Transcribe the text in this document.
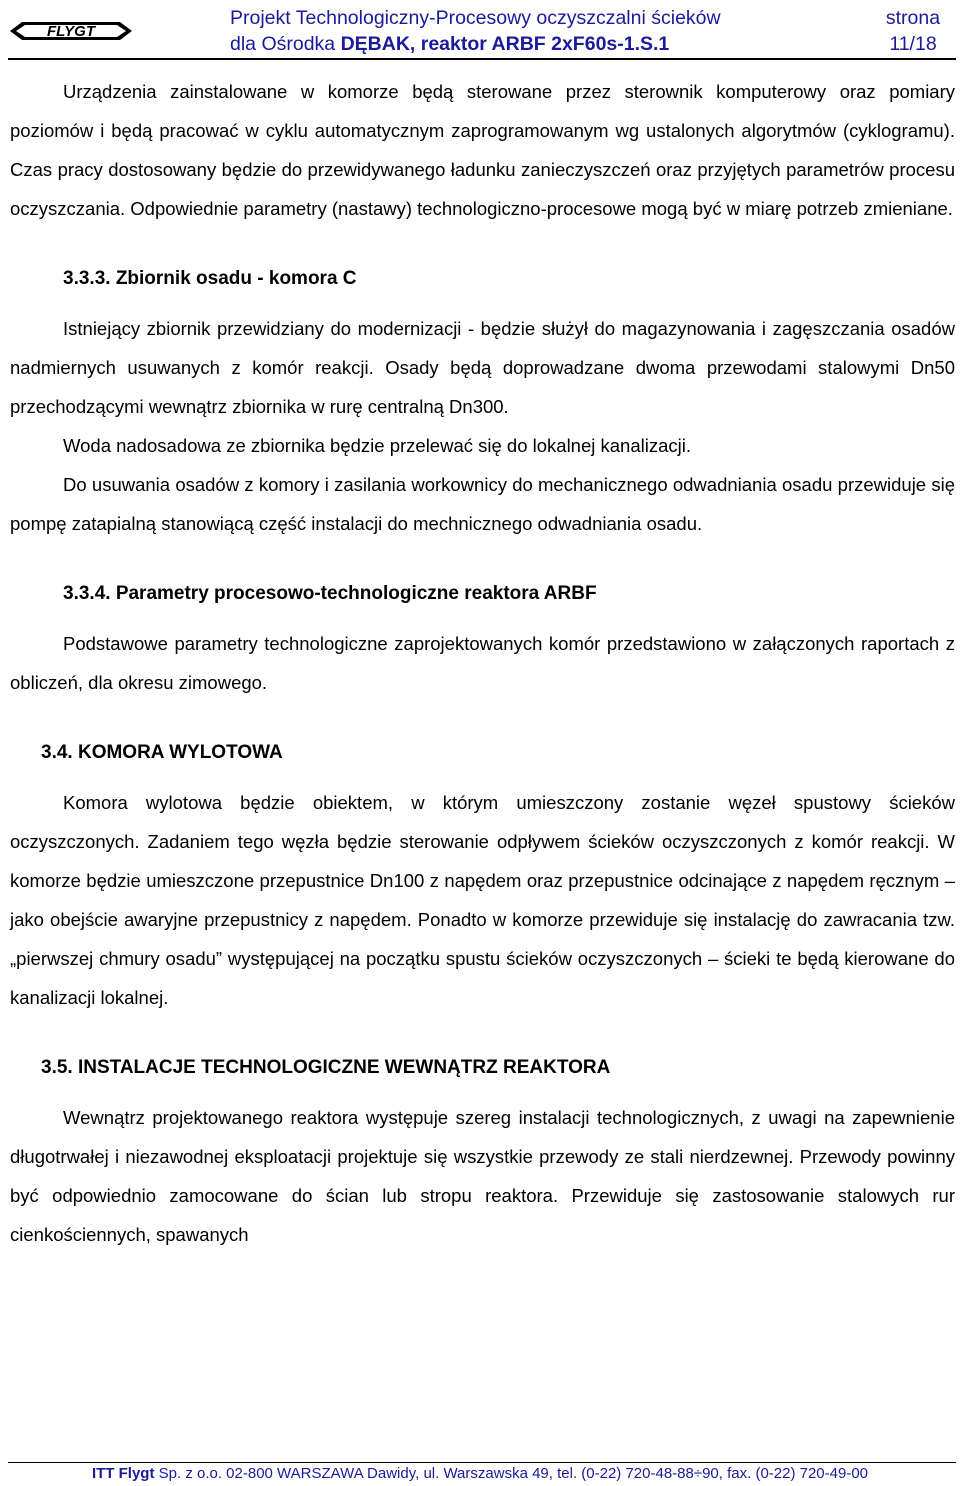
FLYGT
Projekt Technologiczny-Procesowy oczyszczalni ścieków
dla Ośrodka DĘBAK, reaktor ARBF 2xF60s-1.S.1
strona
11/18

Urządzenia zainstalowane w komorze będą sterowane przez sterownik komputerowy oraz pomiary poziomów i będą pracować w cyklu automatycznym zaprogramowanym wg ustalonych algorytmów (cyklogramu). Czas pracy dostosowany będzie do przewidywanego ładunku zanieczyszczeń oraz przyjętych parametrów procesu oczyszczania. Odpowiednie parametry (nastawy) technologiczno-procesowe mogą być w miarę potrzeb zmieniane.

3.3.3. Zbiornik osadu - komora C

Istniejący zbiornik przewidziany do modernizacji - będzie służył do magazynowania i zagęszczania osadów nadmiernych usuwanych z komór reakcji. Osady będą doprowadzane dwoma przewodami stalowymi Dn50 przechodzącymi wewnątrz zbiornika w rurę centralną Dn300.

Woda nadosadowa ze zbiornika będzie przelewać się do lokalnej kanalizacji.

Do usuwania osadów z komory i zasilania workownicy do mechanicznego odwadniania osadu przewiduje się pompę zatapialną stanowiącą część instalacji do mechnicznego odwadniania osadu.

3.3.4. Parametry procesowo-technologiczne reaktora ARBF

Podstawowe parametry technologiczne zaprojektowanych komór przedstawiono w załączonych raportach z obliczeń, dla okresu zimowego.

3.4. KOMORA WYLOTOWA

Komora wylotowa będzie obiektem, w którym umieszczony zostanie węzeł spustowy ścieków oczyszczonych. Zadaniem tego węzła będzie sterowanie odpływem ścieków oczyszczonych z komór reakcji. W komorze będzie umieszczone przepustnice Dn100 z napędem oraz przepustnice odcinające z napędem ręcznym – jako obejście awaryjne przepustnicy z napędem. Ponadto w komorze przewiduje się instalację do zawracania tzw. „pierwszej chmury osadu” występującej na początku spustu ścieków oczyszczonych – ścieki te będą kierowane do kanalizacji lokalnej.

3.5. INSTALACJE TECHNOLOGICZNE WEWNĄTRZ REAKTORA

Wewnątrz projektowanego reaktora występuje szereg instalacji technologicznych, z uwagi na zapewnienie długotrwałej i niezawodnej eksploatacji projektuje się wszystkie przewody ze stali nierdzewnej. Przewody powinny być odpowiednio zamocowane do ścian lub stropu reaktora. Przewiduje się zastosowanie stalowych rur cienkościennych, spawanych

ITT Flygt Sp. z o.o. 02-800 WARSZAWA Dawidy, ul. Warszawska 49, tel. (0-22) 720-48-88÷90, fax. (0-22) 720-49-00
